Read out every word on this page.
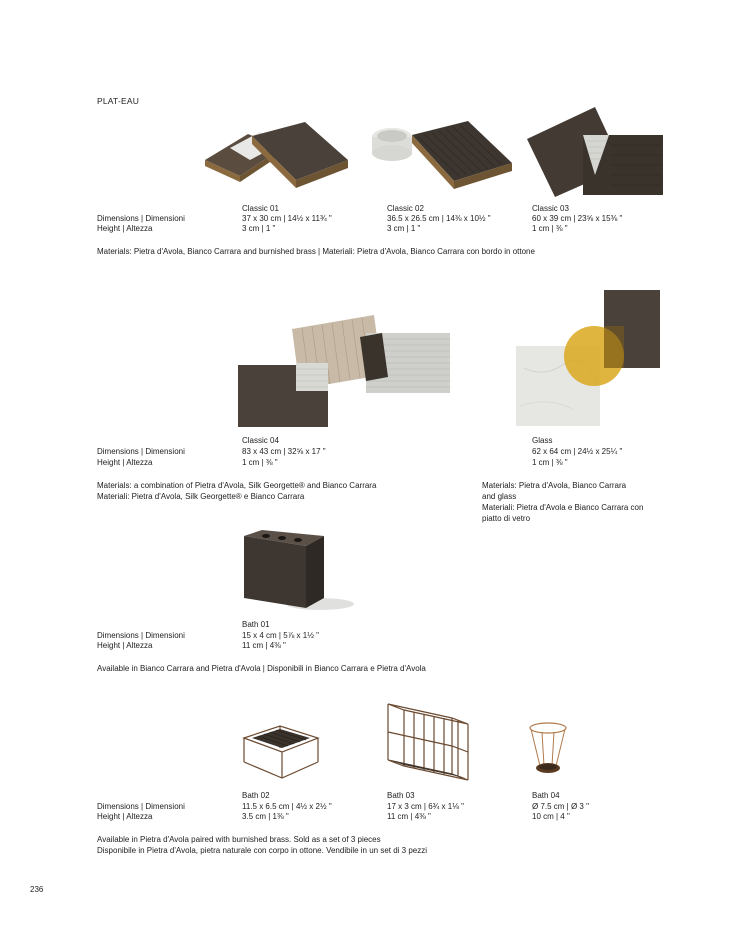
PLAT-EAU
Dimensions | Dimensioni
Height | Altezza
Classic 01
37 x 30 cm | 14½ x 11¾ "
3 cm | 1 "
Classic 02
36.5 x 26.5 cm | 14⅜ x 10½ "
3 cm | 1 "
Classic 03
60 x 39 cm | 23⅝ x 15⅜ "
1 cm | ⅜ "
Materials: Pietra d'Avola, Bianco Carrara and burnished brass | Materiali: Pietra d'Avola, Bianco Carrara con bordo in ottone
Dimensions | Dimensioni
Height | Altezza
Classic 04
83 x 43 cm | 32⅝ x 17 "
1 cm | ⅜ "
Glass
62 x 64 cm | 24½ x 25¼ "
1 cm | ⅜ "
Materials: a combination of Pietra d'Avola, Silk Georgette® and Bianco Carrara
Materiali: Pietra d'Avola, Silk Georgette® e Bianco Carrara
Materials: Pietra d'Avola, Bianco Carrara
and glass
Materiali: Pietra d'Avola e Bianco Carrara con
piatto di vetro
Dimensions | Dimensioni
Height | Altezza
Bath 01
15 x 4 cm | 5⅞ x 1½ "
11 cm | 4⅜ "
Available in Bianco Carrara and Pietra d'Avola | Disponibili in Bianco Carrara e Pietra d'Avola
Dimensions | Dimensioni
Height | Altezza
Bath 02
11.5 x 6.5 cm | 4½ x 2½ "
3.5 cm | 1⅜ "
Bath 03
17 x 3 cm | 6¾ x 1⅛ "
11 cm | 4⅜ "
Bath 04
Ø 7.5 cm | Ø 3 "
10 cm | 4 "
Available in Pietra d'Avola paired with burnished brass. Sold as a set of 3 pieces
Disponibile in Pietra d'Avola, pietra naturale con corpo in ottone. Vendibile in un set di 3 pezzi
236
